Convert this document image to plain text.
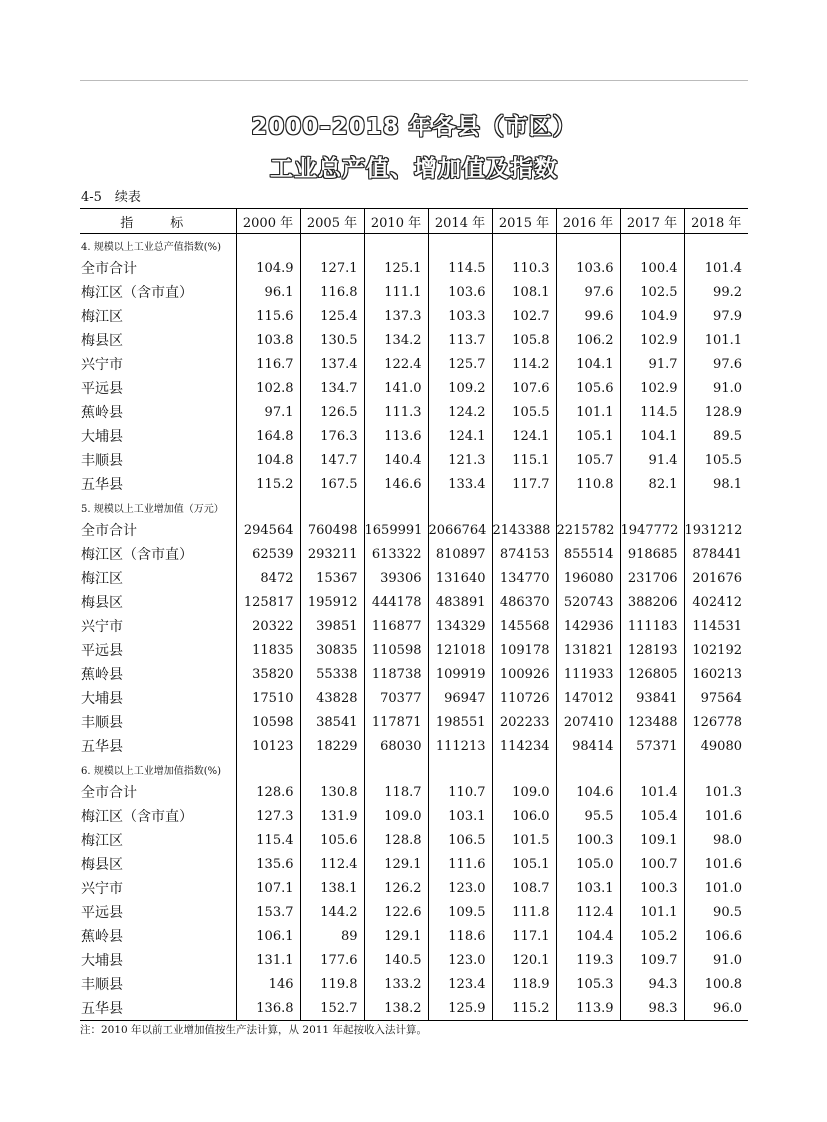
2000–2018 年各县（市区）
工业总产值、增加值及指数
4-5　续表
指　标	2000 年	2005 年	2010 年	2014 年	2015 年	2016 年	2017 年	2018 年
4. 规模以上工业总产值指数(%)								
全市合计	104.9	127.1	125.1	114.5	110.3	103.6	100.4	101.4
梅江区（含市直）	96.1	116.8	111.1	103.6	108.1	97.6	102.5	99.2
梅江区	115.6	125.4	137.3	103.3	102.7	99.6	104.9	97.9
梅县区	103.8	130.5	134.2	113.7	105.8	106.2	102.9	101.1
兴宁市	116.7	137.4	122.4	125.7	114.2	104.1	91.7	97.6
平远县	102.8	134.7	141.0	109.2	107.6	105.6	102.9	91.0
蕉岭县	97.1	126.5	111.3	124.2	105.5	101.1	114.5	128.9
大埔县	164.8	176.3	113.6	124.1	124.1	105.1	104.1	89.5
丰顺县	104.8	147.7	140.4	121.3	115.1	105.7	91.4	105.5
五华县	115.2	167.5	146.6	133.4	117.7	110.8	82.1	98.1
5. 规模以上工业增加值（万元）								
全市合计	294564	760498	1659991	2066764	2143388	2215782	1947772	1931212
梅江区（含市直）	62539	293211	613322	810897	874153	855514	918685	878441
梅江区	8472	15367	39306	131640	134770	196080	231706	201676
梅县区	125817	195912	444178	483891	486370	520743	388206	402412
兴宁市	20322	39851	116877	134329	145568	142936	111183	114531
平远县	11835	30835	110598	121018	109178	131821	128193	102192
蕉岭县	35820	55338	118738	109919	100926	111933	126805	160213
大埔县	17510	43828	70377	96947	110726	147012	93841	97564
丰顺县	10598	38541	117871	198551	202233	207410	123488	126778
五华县	10123	18229	68030	111213	114234	98414	57371	49080
6. 规模以上工业增加值指数(%)								
全市合计	128.6	130.8	118.7	110.7	109.0	104.6	101.4	101.3
梅江区（含市直）	127.3	131.9	109.0	103.1	106.0	95.5	105.4	101.6
梅江区	115.4	105.6	128.8	106.5	101.5	100.3	109.1	98.0
梅县区	135.6	112.4	129.1	111.6	105.1	105.0	100.7	101.6
兴宁市	107.1	138.1	126.2	123.0	108.7	103.1	100.3	101.0
平远县	153.7	144.2	122.6	109.5	111.8	112.4	101.1	90.5
蕉岭县	106.1	89	129.1	118.6	117.1	104.4	105.2	106.6
大埔县	131.1	177.6	140.5	123.0	120.1	119.3	109.7	91.0
丰顺县	146	119.8	133.2	123.4	118.9	105.3	94.3	100.8
五华县	136.8	152.7	138.2	125.9	115.2	113.9	98.3	96.0
注：2010 年以前工业增加值按生产法计算，从 2011 年起按收入法计算。
